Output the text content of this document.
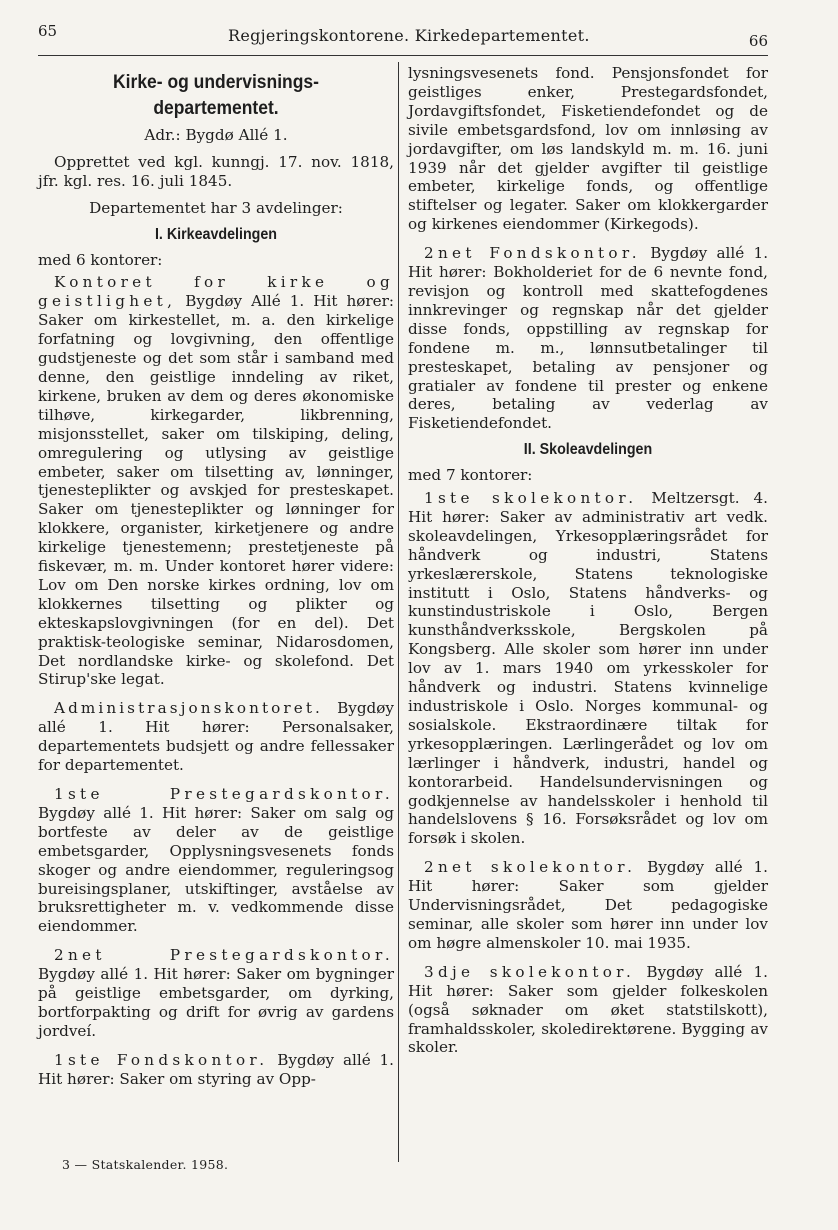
65	Regjeringskontorene. Kirkedepartementet.	66
Kirke- og undervisnings-
departementet.

Adr.: Bygdø Allé 1.

Opprettet ved kgl. kunngj. 17. nov. 1818, jfr. kgl. res. 16. juli 1845.

Departementet har 3 avdelinger:

I. Kirkeavdelingen

med 6 kontorer:

Kontoret for kirke og geistlighet, Bygdøy Allé 1. Hit hører: Saker om kirkestellet, m. a. den kirkelige forfatning og lovgivning, den offentlige gudstjeneste og det som står i samband med denne, den geistlige inndeling av riket, kirkene, bruken av dem og deres økonomiske tilhøve, kirkegarder, likbrenning, misjonsstellet, saker om tilskiping, deling, omregulering og utlysing av geistlige embeter, saker om tilsetting av, lønninger, tjenesteplikter og avskjed for presteskapet. Saker om tjenesteplikter og lønninger for klokkere, organister, kirketjenere og andre kirkelige tjenestemenn; prestetjeneste på fiskevær, m. m. Under kontoret hører videre: Lov om Den norske kirkes ordning, lov om klokkernes tilsetting og plikter og ekteskapslovgivningen (for en del). Det praktisk-teologiske seminar, Nidarosdomen, Det nordlandske kirke- og skolefond. Det Stirup'ske legat.

Administrasjonskontoret. Bygdøy allé 1. Hit hører: Personalsaker, departementets budsjett og andre fellessaker for departementet.

1ste Prestegardskontor. Bygdøy allé 1. Hit hører: Saker om salg og bortfeste av deler av de geistlige embetsgarder, Opplysningsvesenets fonds skoger og andre eiendommer, reguleringsog bureisingsplaner, utskiftinger, avståelse av bruksrettigheter m. v. vedkommende disse eiendommer.

2net Prestegardskontor. Bygdøy allé 1. Hit hører: Saker om bygninger på geistlige embetsgarder, om dyrking, bortforpakting og drift for øvrig av gardens jordveí.

1ste Fondskontor. Bygdøy allé 1. Hit hører: Saker om styring av Opp-

lysningsvesenets fond. Pensjonsfondet for geistliges enker, Prestegardsfondet, Jordavgiftsfondet, Fisketiendefondet og de sivile embetsgardsfond, lov om innløsing av jordavgifter, om løs landskyld m. m. 16. juni 1939 når det gjelder avgifter til geistlige embeter, kirkelige fonds, og offentlige stiftelser og legater. Saker om klokkergarder og kirkenes eiendommer (Kirkegods).

2net Fondskontor. Bygdøy allé 1. Hit hører: Bokholderiet for de 6 nevnte fond, revisjon og kontroll med skattefogdenes innkrevinger og regnskap når det gjelder disse fonds, oppstilling av regnskap for fondene m. m., lønnsutbetalinger til presteskapet, betaling av pensjoner og gratialer av fondene til prester og enkene deres, betaling av vederlag av Fisketiendefondet.

II. Skoleavdelingen

med 7 kontorer:

1ste skolekontor. Meltzersgt. 4. Hit hører: Saker av administrativ art vedk. skoleavdelingen, Yrkesopplæringsrådet for håndverk og industri, Statens yrkeslærerskole, Statens teknologiske institutt i Oslo, Statens håndverks- og kunstindustriskole i Oslo, Bergen kunsthåndverksskole, Bergskolen på Kongsberg. Alle skoler som hører inn under lov av 1. mars 1940 om yrkesskoler for håndverk og industri. Statens kvinnelige industriskole i Oslo. Norges kommunal- og sosialskole. Ekstraordinære tiltak for yrkesopplæringen. Lærlingerådet og lov om lærlinger i håndverk, industri, handel og kontorarbeid. Handelsundervisningen og godkjennelse av handelsskoler i henhold til handelslovens § 16. Forsøksrådet og lov om forsøk i skolen.

2net skolekontor. Bygdøy allé 1. Hit hører: Saker som gjelder Undervisningsrådet, Det pedagogiske seminar, alle skoler som hører inn under lov om høgre almenskoler 10. mai 1935.

3dje skolekontor. Bygdøy allé 1. Hit hører: Saker som gjelder folkeskolen (også søknader om øket statstilskott), framhaldsskoler, skoledirektørene. Bygging av skoler.

3 — Statskalender. 1958.
